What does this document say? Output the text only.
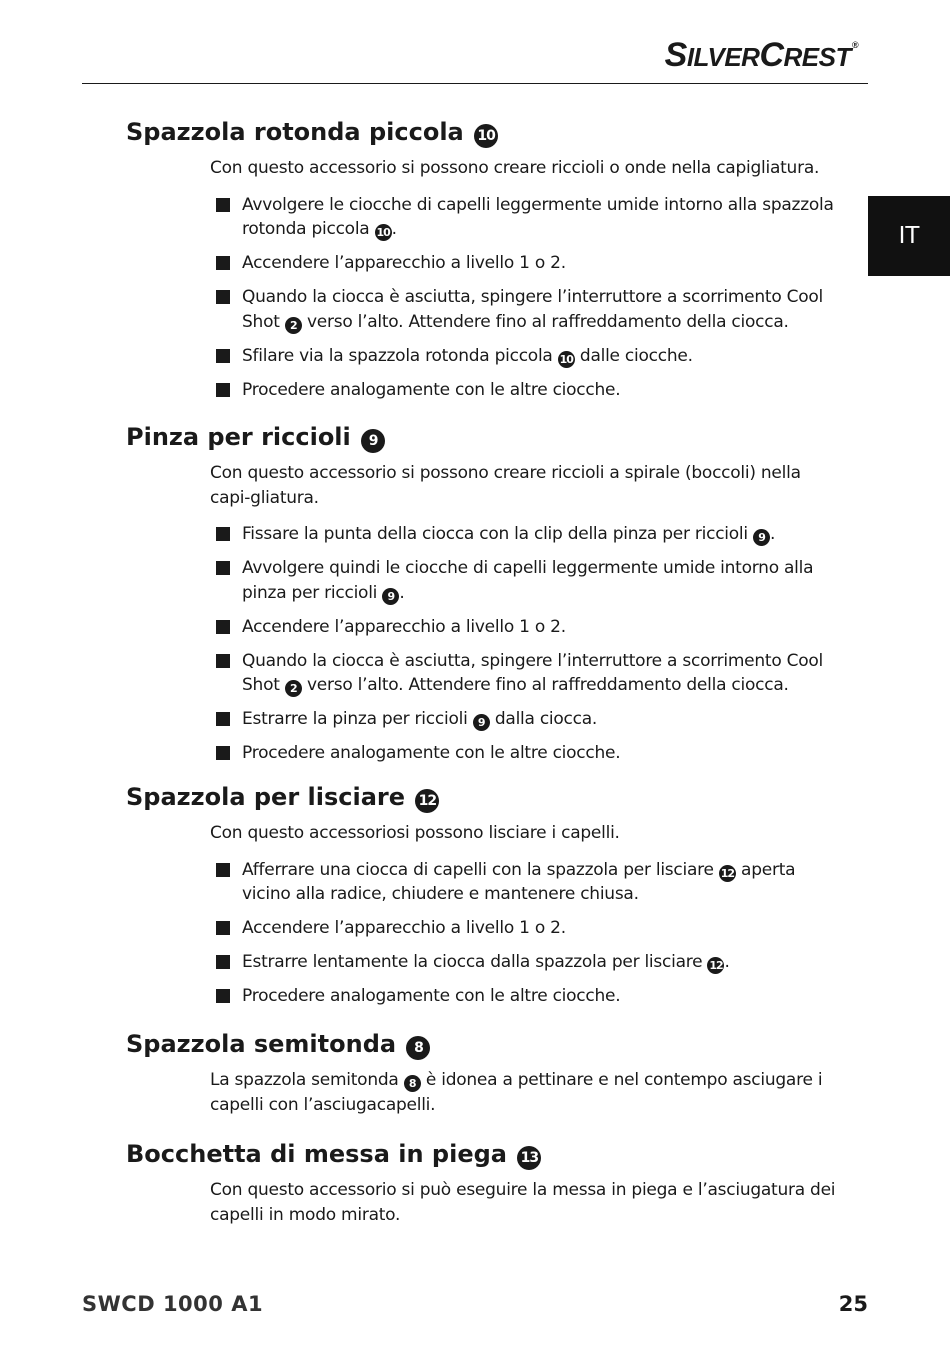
SILVERCREST®
IT
Spazzola rotonda piccola 10

Con questo accessorio si possono creare riccioli o onde nella capigliatura.

Avvolgere le ciocche di capelli leggermente umide intorno alla spazzola rotonda piccola 10 .
Accendere l’apparecchio a livello 1 o 2.
Quando la ciocca è asciutta, spingere l’interruttore a scorrimento Cool Shot 2 verso l’alto. Attendere fino al raffreddamento della ciocca.
Sfilare via la spazzola rotonda piccola 10 dalle ciocche.
Procedere analogamente con le altre ciocche.
Pinza per riccioli 9

Con questo accessorio si possono creare riccioli a spirale (boccoli) nella capi-gliatura.

Fissare la punta della ciocca con la clip della pinza per riccioli 9 .
Avvolgere quindi le ciocche di capelli leggermente umide intorno alla pinza per riccioli 9 .
Accendere l’apparecchio a livello 1 o 2.
Quando la ciocca è asciutta, spingere l’interruttore a scorrimento Cool Shot 2 verso l’alto. Attendere fino al raffreddamento della ciocca.
Estrarre la pinza per riccioli 9 dalla ciocca.
Procedere analogamente con le altre ciocche.
Spazzola per lisciare 12

Con questo accessoriosi possono lisciare i capelli.

Afferrare una ciocca di capelli con la spazzola per lisciare 12 aperta vicino alla radice, chiudere e mantenere chiusa.
Accendere l’apparecchio a livello 1 o 2.
Estrarre lentamente la ciocca dalla spazzola per lisciare 12 .
Procedere analogamente con le altre ciocche.
Spazzola semitonda 8

La spazzola semitonda 8 è idonea a pettinare e nel contempo asciugare i capelli con l’asciugacapelli.

Bocchetta di messa in piega 13

Con questo accessorio si può eseguire la messa in piega e l’asciugatura dei capelli in modo mirato.

SWCD 1000 A1	25
